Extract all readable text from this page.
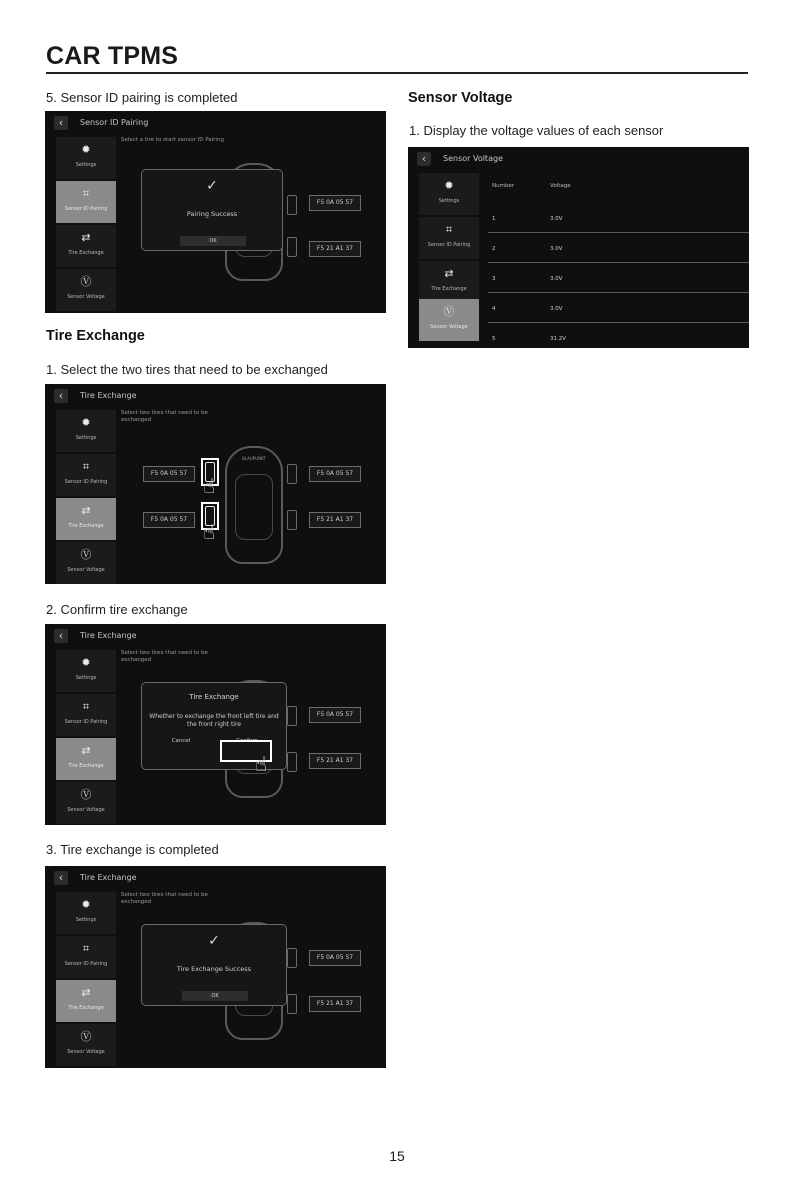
CAR TPMS
5. Sensor ID pairing is completed
‹	Sensor ID Pairing
Select a tire to start sensor ID Pairing
✹
Settings
⌗
Sensor ID Pairing
⇄
Tire Exchange
Ⓥ
Sensor Voltage
F5 0A 05 57
F5 21 A1 37
✓
Pairing Success
OK
Tire Exchange
1. Select the two tires that need to be exchanged
‹	Tire Exchange
Select two tires that need to be exchanged
✹
Settings
⌗
Sensor ID Pairing
⇄
Tire Exchange
Ⓥ
Sensor Voltage
BLAUPUNKT
F5 0A 05 57
F5 0A 05 57
F5 0A 05 57
F5 21 A1 37
☝
☝
2. Confirm tire exchange
‹	Tire Exchange
Select two tires that need to be exchanged
✹
Settings
⌗
Sensor ID Pairing
⇄
Tire Exchange
Ⓥ
Sensor Voltage
F5 0A 05 57
F5 21 A1 37
Tire Exchange
Whether to exchange the front left tire and the front right tire
Cancel	Confirm
☝
3. Tire exchange is completed
‹	Tire Exchange
Select two tires that need to be exchanged
✹
Settings
⌗
Sensor ID Pairing
⇄
Tire Exchange
Ⓥ
Sensor Voltage
F5 0A 05 57
F5 21 A1 37
✓
Tire Exchange Success
OK
Sensor Voltage
1. Display the voltage values of each sensor
‹	Sensor Voltage
✹
Settings
⌗
Sensor ID Pairing
⇄
Tire Exchange
Ⓥ
Sensor Voltage
Number	Voltage
1	3.0V
2	3.0V
3	3.0V
4	3.0V
5	31.2V
15
